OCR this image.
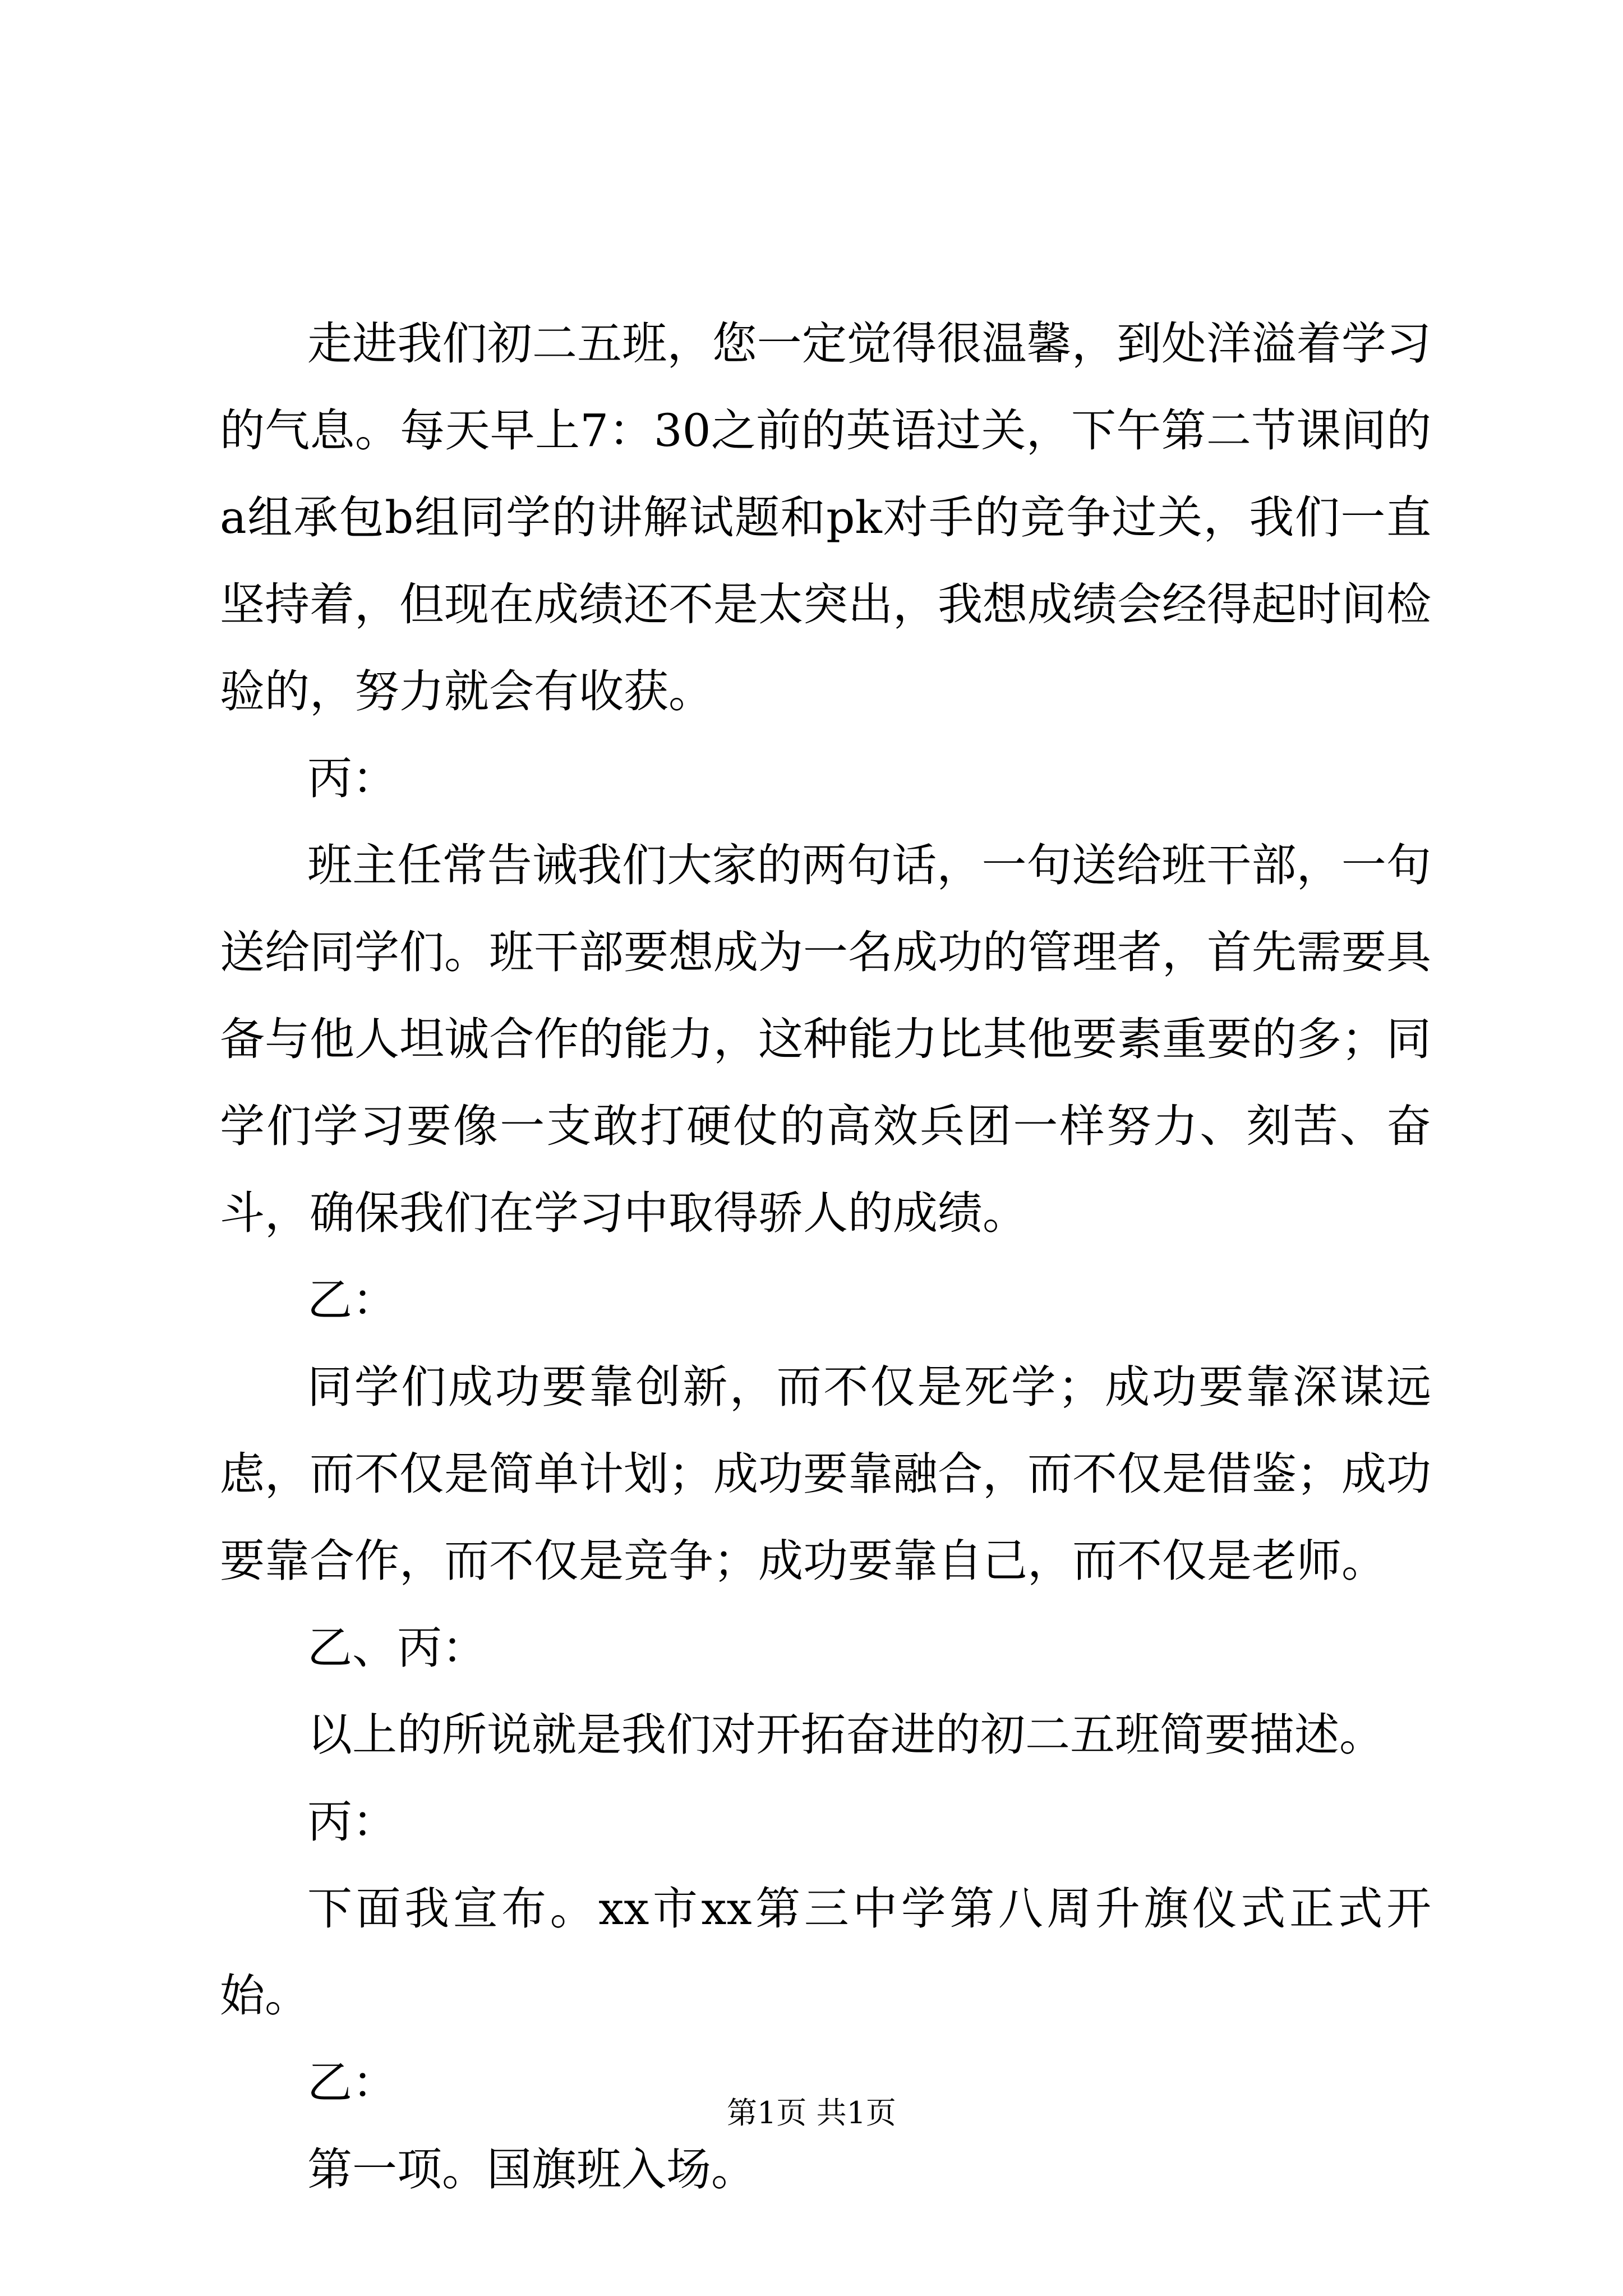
走进我们初二五班，您一定觉得很温馨，到处洋溢着学习的气息。每天早上7：30之前的英语过关，下午第二节课间的a组承包b组同学的讲解试题和pk对手的竞争过关，我们一直坚持着，但现在成绩还不是太突出，我想成绩会经得起时间检验的，努力就会有收获。

丙：

班主任常告诫我们大家的两句话，一句送给班干部，一句送给同学们。班干部要想成为一名成功的管理者，首先需要具备与他人坦诚合作的能力，这种能力比其他要素重要的多；同学们学习要像一支敢打硬仗的高效兵团一样努力、刻苦、奋斗，确保我们在学习中取得骄人的成绩。

乙：

同学们成功要靠创新，而不仅是死学；成功要靠深谋远虑，而不仅是简单计划；成功要靠融合，而不仅是借鉴；成功要靠合作，而不仅是竞争；成功要靠自己，而不仅是老师。

乙、丙：

以上的所说就是我们对开拓奋进的初二五班简要描述。

丙：

下面我宣布。xx市xx第三中学第八周升旗仪式正式开始。

乙：

第一项。国旗班入场。

第1页 共1页
